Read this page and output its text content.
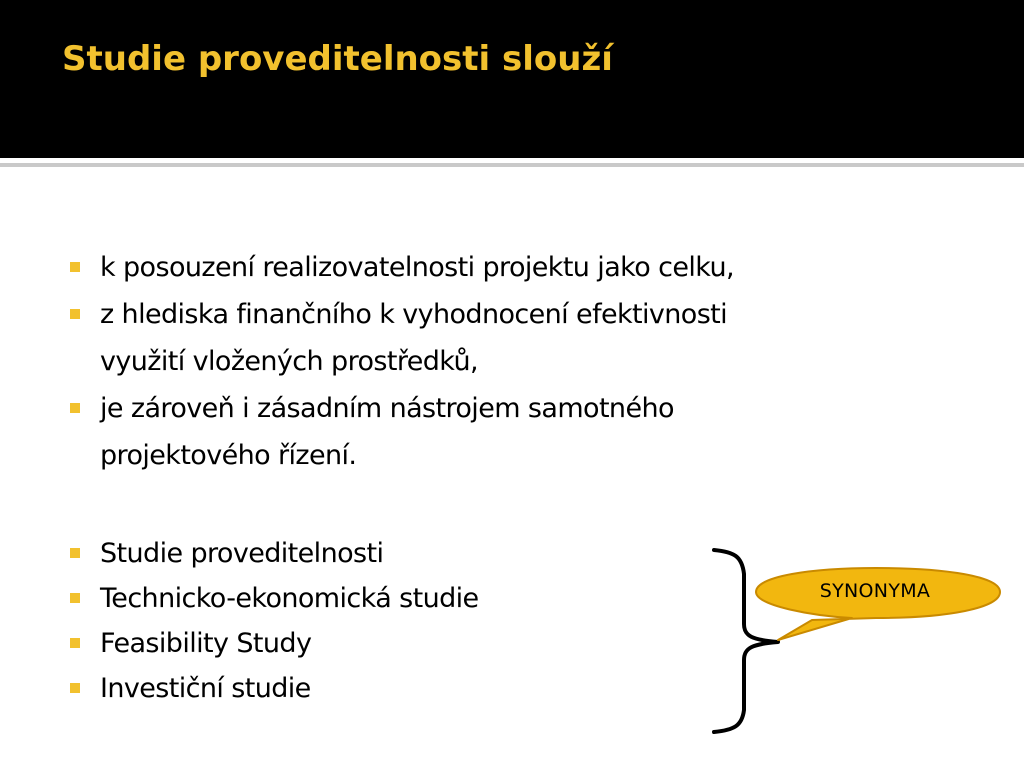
Studie proveditelnosti slouží
k posouzení realizovatelnosti projektu jako celku,
z hlediska finančního k vyhodnocení efektivnosti
využití vložených prostředků,
je zároveň i zásadním nástrojem samotného
projektového řízení.
Studie proveditelnosti
Technicko-ekonomická studie
Feasibility Study
Investiční studie
SYNONYMA
